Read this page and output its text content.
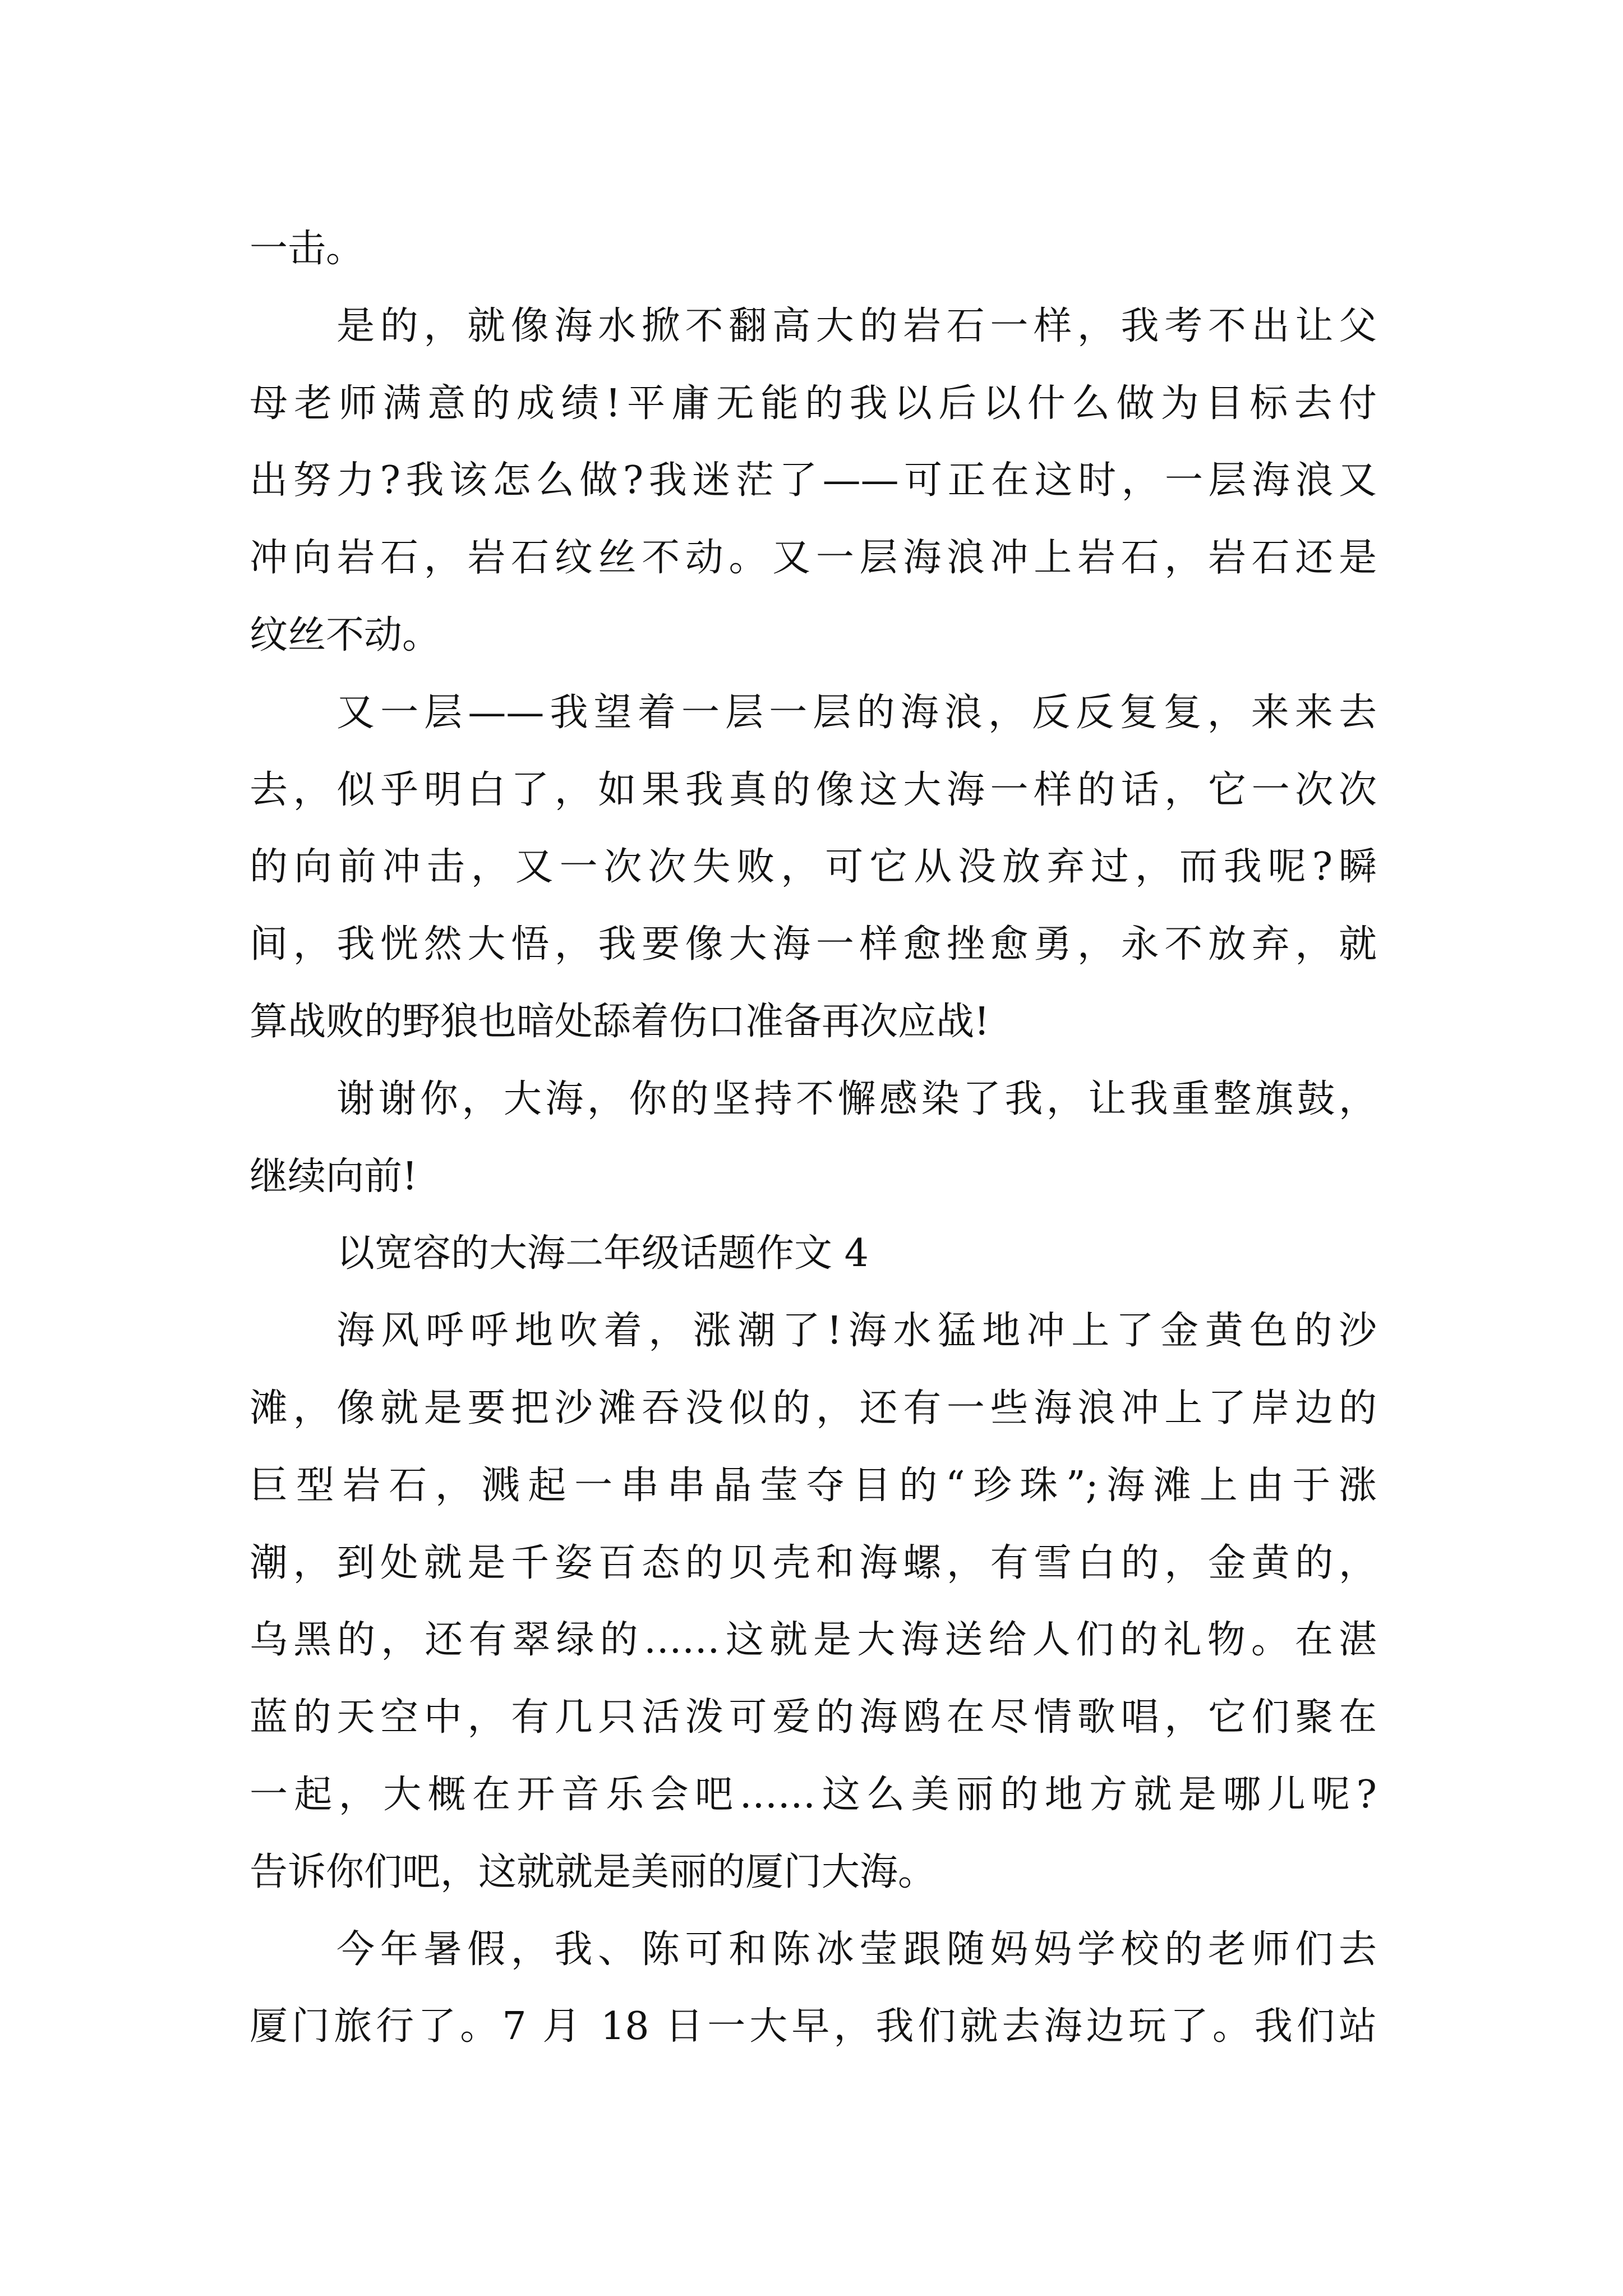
一击。
是的，就像海水掀不翻高大的岩石一样，我考不出让父
母老师满意的成绩!平庸无能的我以后以什么做为目标去付
出努力?我该怎么做?我迷茫了——可正在这时，一层海浪又
冲向岩石，岩石纹丝不动。又一层海浪冲上岩石，岩石还是
纹丝不动。
又一层——我望着一层一层的海浪，反反复复，来来去
去，似乎明白了，如果我真的像这大海一样的话，它一次次
的向前冲击，又一次次失败，可它从没放弃过，而我呢?瞬
间，我恍然大悟，我要像大海一样愈挫愈勇，永不放弃，就
算战败的野狼也暗处舔着伤口准备再次应战!
谢谢你，大海，你的坚持不懈感染了我，让我重整旗鼓，
继续向前!
以宽容的大海二年级话题作文 4
海风呼呼地吹着，涨潮了!海水猛地冲上了金黄色的沙
滩，像就是要把沙滩吞没似的，还有一些海浪冲上了岸边的
巨型岩石，溅起一串串晶莹夺目的“珍珠”;海滩上由于涨
潮，到处就是千姿百态的贝壳和海螺，有雪白的，金黄的，
乌黑的，还有翠绿的……这就是大海送给人们的礼物。在湛
蓝的天空中，有几只活泼可爱的海鸥在尽情歌唱，它们聚在
一起，大概在开音乐会吧……这么美丽的地方就是哪儿呢?
告诉你们吧，这就就是美丽的厦门大海。
今年暑假，我、陈可和陈冰莹跟随妈妈学校的老师们去
厦门旅行了。7 月 18 日一大早，我们就去海边玩了。我们站
